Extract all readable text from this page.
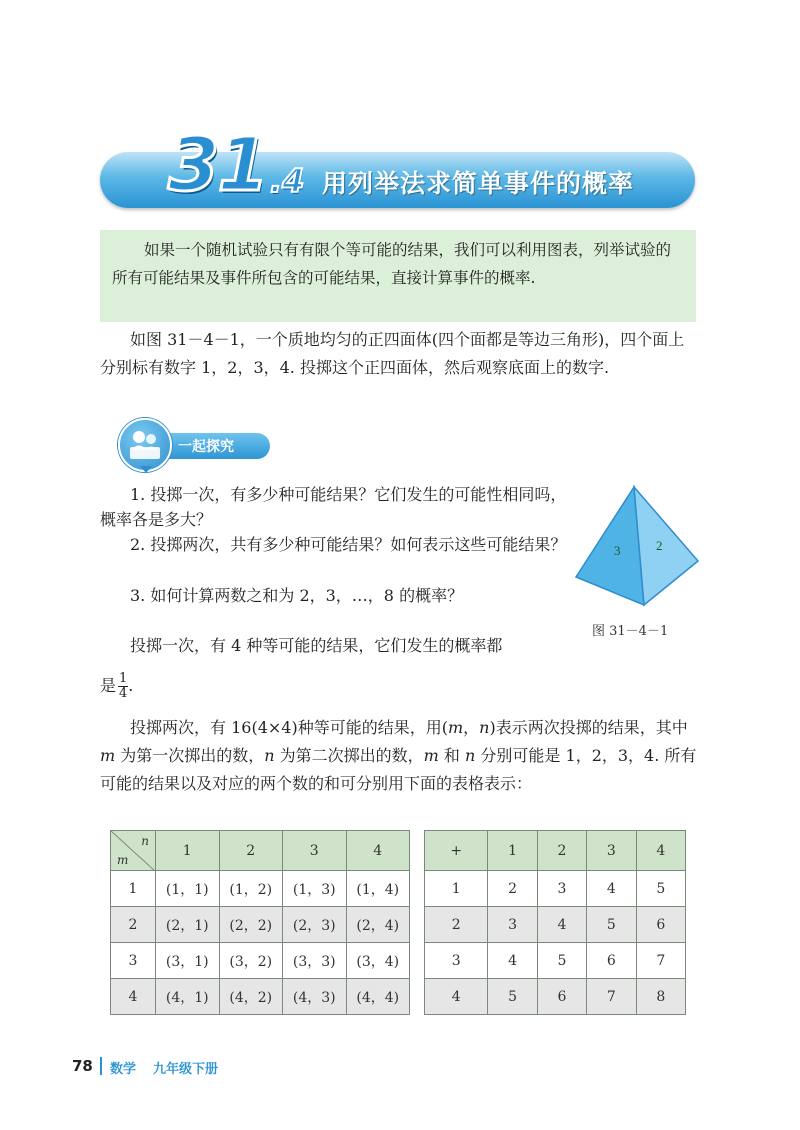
31 .4 用列举法求简单事件的概率
如果一个随机试验只有有限个等可能的结果，我们可以利用图表，列举试验的所有可能结果及事件所包含的可能结果，直接计算事件的概率.
如图 31－4－1，一个质地均匀的正四面体(四个面都是等边三角形)，四个面上分别标有数字 1，2，3，4. 投掷这个正四面体，然后观察底面上的数字.
一起探究
1. 投掷一次，有多少种可能结果？它们发生的可能性相同吗，概率各是多大？
2. 投掷两次，共有多少种可能结果？如何表示这些可能结果？
3. 如何计算两数之和为 2，3，…，8 的概率？
3	2
图 31－4－1
投掷一次，有 4 种等可能的结果，它们发生的概率都
是 $\frac{1}{4}$ .
投掷两次，有 16(4×4)种等可能的结果，用(m，n)表示两次投掷的结果，其中 m 为第一次掷出的数，n 为第二次掷出的数，m 和 n 分别可能是 1，2，3，4. 所有可能的结果以及对应的两个数的和可分别用下面的表格表示：
n
m	1	2	3	4
1	(1，1)	(1，2)	(1，3)	(1，4)
2	(2，1)	(2，2)	(2，3)	(2，4)
3	(3，1)	(3，2)	(3，3)	(3，4)
4	(4，1)	(4，2)	(4，3)	(4，4)
+	1	2	3	4
1	2	3	4	5
2	3	4	5	6
3	4	5	6	7
4	5	6	7	8
78 数学 九年级下册
